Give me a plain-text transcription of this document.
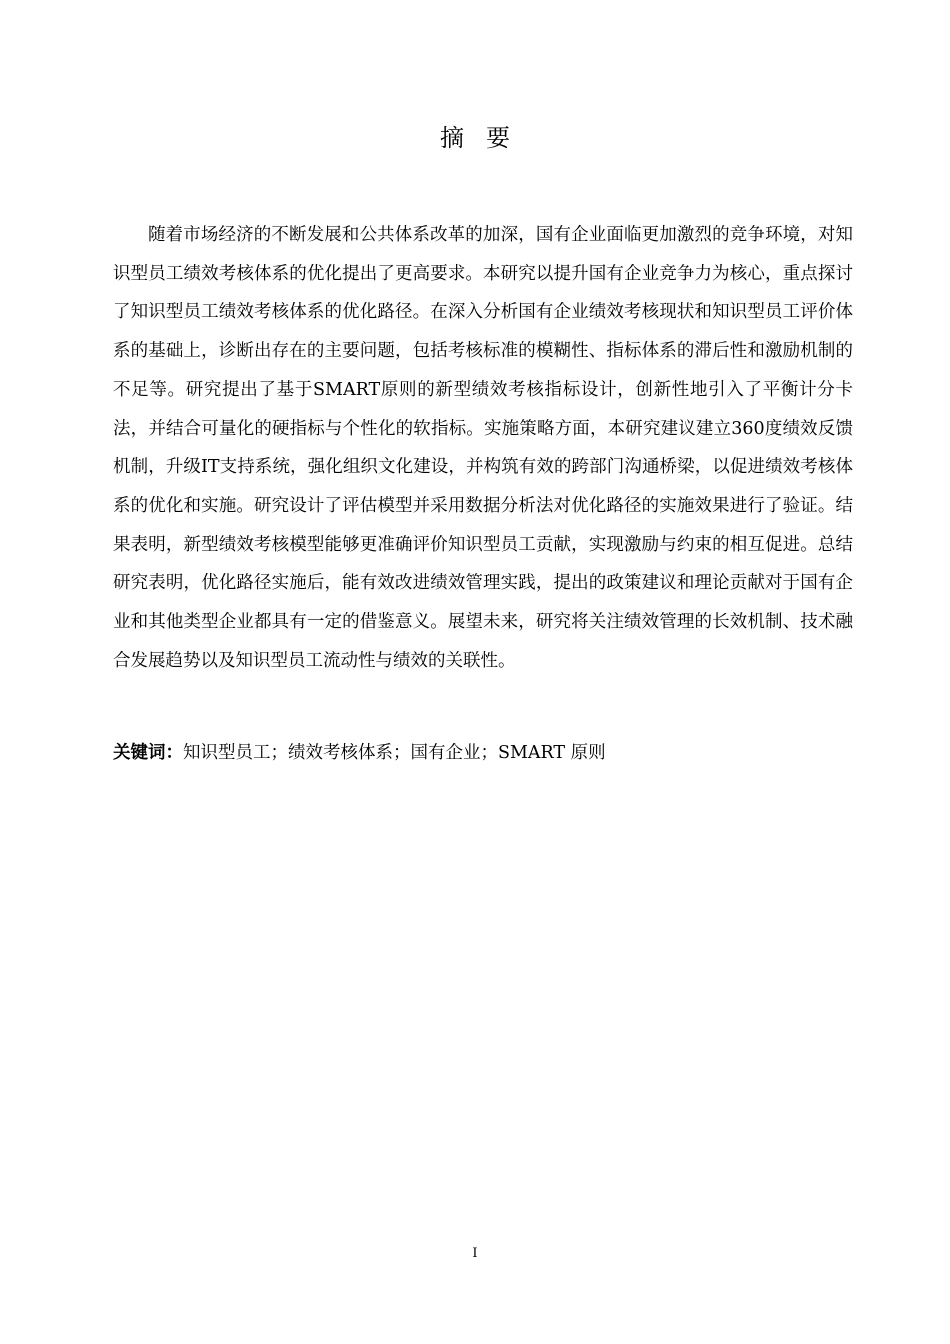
摘要

随着市场经济的不断发展和公共体系改革的加深，国有企业面临更加激烈的竞争环境，对知识型员工绩效考核体系的优化提出了更高要求。本研究以提升国有企业竞争力为核心，重点探讨了知识型员工绩效考核体系的优化路径。在深入分析国有企业绩效考核现状和知识型员工评价体系的基础上，诊断出存在的主要问题，包括考核标准的模糊性、指标体系的滞后性和激励机制的不足等。研究提出了基于SMART原则的新型绩效考核指标设计，创新性地引入了平衡计分卡法，并结合可量化的硬指标与个性化的软指标。实施策略方面，本研究建议建立360度绩效反馈机制，升级IT支持系统，强化组织文化建设，并构筑有效的跨部门沟通桥梁，以促进绩效考核体系的优化和实施。研究设计了评估模型并采用数据分析法对优化路径的实施效果进行了验证。结果表明，新型绩效考核模型能够更准确评价知识型员工贡献，实现激励与约束的相互促进。总结研究表明，优化路径实施后，能有效改进绩效管理实践，提出的政策建议和理论贡献对于国有企业和其他类型企业都具有一定的借鉴意义。展望未来，研究将关注绩效管理的长效机制、技术融合发展趋势以及知识型员工流动性与绩效的关联性。

关键词：知识型员工；绩效考核体系；国有企业；SMART 原则
I
